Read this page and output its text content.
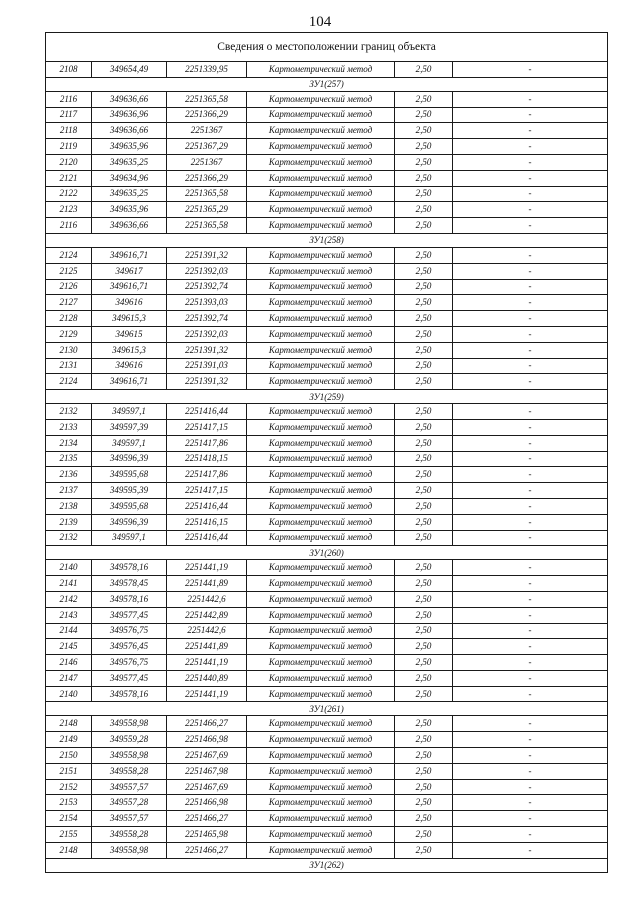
104
Сведения о местоположении границ объекта					
2108	349654,49	2251339,95	Картометрический метод	2,50	-
ЗУ1(257)					
2116	349636,66	2251365,58	Картометрический метод	2,50	-
2117	349636,96	2251366,29	Картометрический метод	2,50	-
2118	349636,66	2251367	Картометрический метод	2,50	-
2119	349635,96	2251367,29	Картометрический метод	2,50	-
2120	349635,25	2251367	Картометрический метод	2,50	-
2121	349634,96	2251366,29	Картометрический метод	2,50	-
2122	349635,25	2251365,58	Картометрический метод	2,50	-
2123	349635,96	2251365,29	Картометрический метод	2,50	-
2116	349636,66	2251365,58	Картометрический метод	2,50	-
ЗУ1(258)					
2124	349616,71	2251391,32	Картометрический метод	2,50	-
2125	349617	2251392,03	Картометрический метод	2,50	-
2126	349616,71	2251392,74	Картометрический метод	2,50	-
2127	349616	2251393,03	Картометрический метод	2,50	-
2128	349615,3	2251392,74	Картометрический метод	2,50	-
2129	349615	2251392,03	Картометрический метод	2,50	-
2130	349615,3	2251391,32	Картометрический метод	2,50	-
2131	349616	2251391,03	Картометрический метод	2,50	-
2124	349616,71	2251391,32	Картометрический метод	2,50	-
ЗУ1(259)					
2132	349597,1	2251416,44	Картометрический метод	2,50	-
2133	349597,39	2251417,15	Картометрический метод	2,50	-
2134	349597,1	2251417,86	Картометрический метод	2,50	-
2135	349596,39	2251418,15	Картометрический метод	2,50	-
2136	349595,68	2251417,86	Картометрический метод	2,50	-
2137	349595,39	2251417,15	Картометрический метод	2,50	-
2138	349595,68	2251416,44	Картометрический метод	2,50	-
2139	349596,39	2251416,15	Картометрический метод	2,50	-
2132	349597,1	2251416,44	Картометрический метод	2,50	-
ЗУ1(260)					
2140	349578,16	2251441,19	Картометрический метод	2,50	-
2141	349578,45	2251441,89	Картометрический метод	2,50	-
2142	349578,16	2251442,6	Картометрический метод	2,50	-
2143	349577,45	2251442,89	Картометрический метод	2,50	-
2144	349576,75	2251442,6	Картометрический метод	2,50	-
2145	349576,45	2251441,89	Картометрический метод	2,50	-
2146	349576,75	2251441,19	Картометрический метод	2,50	-
2147	349577,45	2251440,89	Картометрический метод	2,50	-
2140	349578,16	2251441,19	Картометрический метод	2,50	-
ЗУ1(261)					
2148	349558,98	2251466,27	Картометрический метод	2,50	-
2149	349559,28	2251466,98	Картометрический метод	2,50	-
2150	349558,98	2251467,69	Картометрический метод	2,50	-
2151	349558,28	2251467,98	Картометрический метод	2,50	-
2152	349557,57	2251467,69	Картометрический метод	2,50	-
2153	349557,28	2251466,98	Картометрический метод	2,50	-
2154	349557,57	2251466,27	Картометрический метод	2,50	-
2155	349558,28	2251465,98	Картометрический метод	2,50	-
2148	349558,98	2251466,27	Картометрический метод	2,50	-
ЗУ1(262)					
